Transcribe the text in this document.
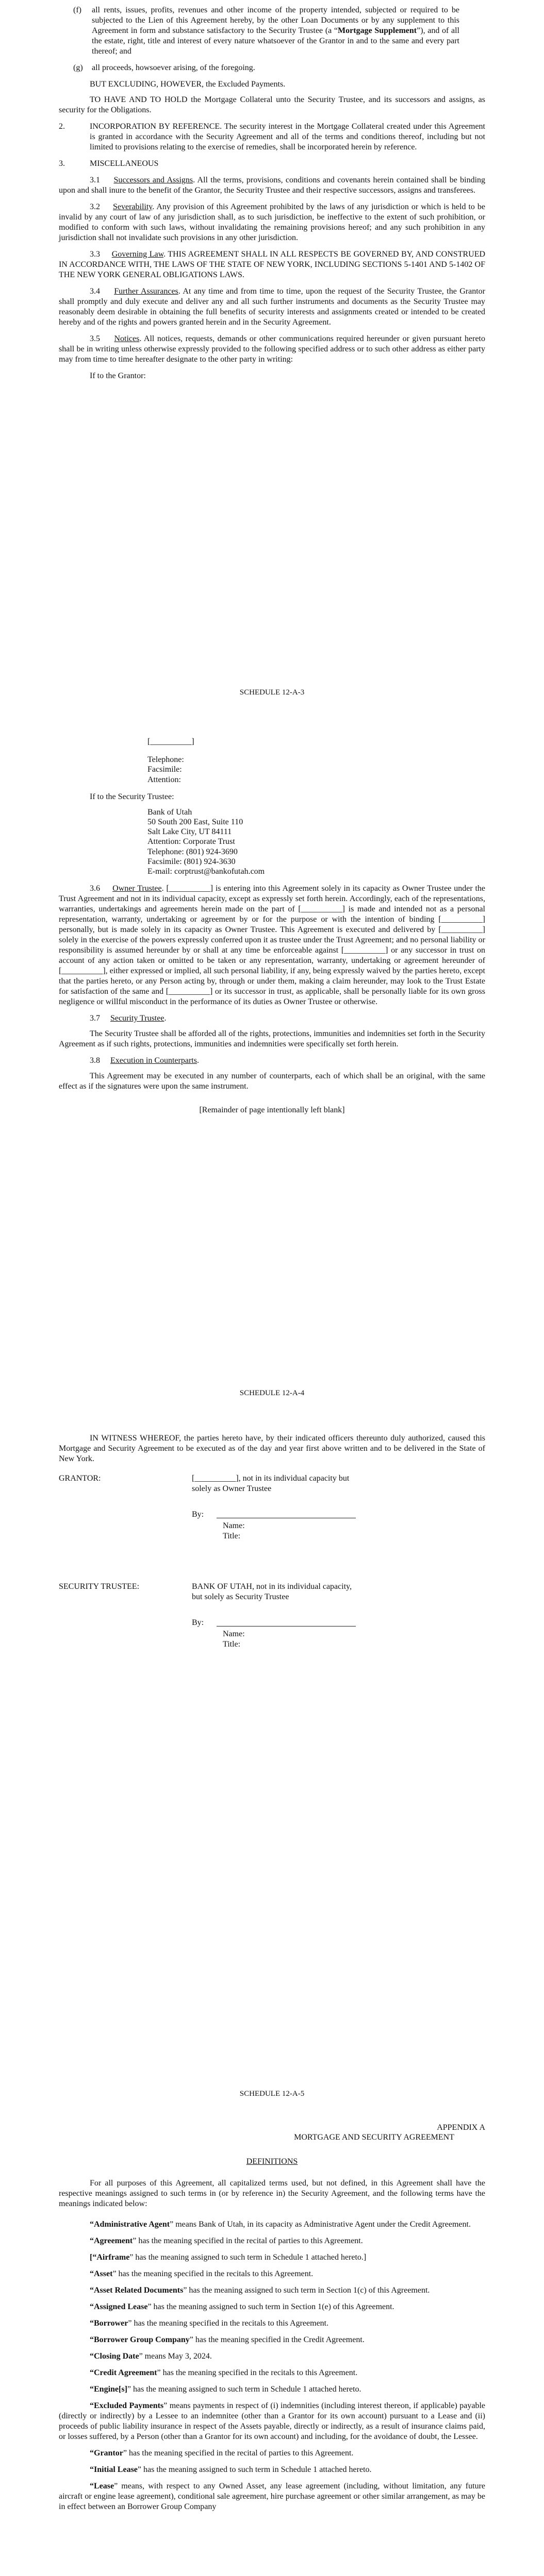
(f)	all rents, issues, profits, revenues and other income of the property intended, subjected or required to be subjected to the Lien of this Agreement hereby, by the other Loan Documents or by any supplement to this Agreement in form and substance satisfactory to the Security Trustee (a “Mortgage Supplement”), and of all the estate, right, title and interest of every nature whatsoever of the Grantor in and to the same and every part thereof; and
(g)	all proceeds, howsoever arising, of the foregoing.

BUT EXCLUDING, HOWEVER, the Excluded Payments.

TO HAVE AND TO HOLD the Mortgage Collateral unto the Security Trustee, and its successors and assigns, as security for the Obligations.

2.	INCORPORATION BY REFERENCE. The security interest in the Mortgage Collateral created under this Agreement is granted in accordance with the Security Agreement and all of the terms and conditions thereof, including but not limited to provisions relating to the exercise of remedies, shall be incorporated herein by reference.
3.	MISCELLANEOUS

3.1 Successors and Assigns. All the terms, provisions, conditions and covenants herein contained shall be binding upon and shall inure to the benefit of the Grantor, the Security Trustee and their respective successors, assigns and transferees.

3.2 Severability. Any provision of this Agreement prohibited by the laws of any jurisdiction or which is held to be invalid by any court of law of any jurisdiction shall, as to such jurisdiction, be ineffective to the extent of such prohibition, or modified to conform with such laws, without invalidating the remaining provisions hereof; and any such prohibition in any jurisdiction shall not invalidate such provisions in any other jurisdiction.

3.3 Governing Law. THIS AGREEMENT SHALL IN ALL RESPECTS BE GOVERNED BY, AND CONSTRUED IN ACCORDANCE WITH, THE LAWS OF THE STATE OF NEW YORK, INCLUDING SECTIONS 5-1401 AND 5-1402 OF THE NEW YORK GENERAL OBLIGATIONS LAWS.

3.4 Further Assurances. At any time and from time to time, upon the request of the Security Trustee, the Grantor shall promptly and duly execute and deliver any and all such further instruments and documents as the Security Trustee may reasonably deem desirable in obtaining the full benefits of security interests and assignments created or intended to be created hereby and of the rights and powers granted herein and in the Security Agreement.

3.5 Notices. All notices, requests, demands or other communications required hereunder or given pursuant hereto shall be in writing unless otherwise expressly provided to the following specified address or to such other address as either party may from time to time hereafter designate to the other party in writing:

If to the Grantor:

SCHEDULE 12-A-3
[__________]
Telephone:
Facsimile:
Attention:

If to the Security Trustee:

Bank of Utah
50 South 200 East, Suite 110
Salt Lake City, UT 84111
Attention: Corporate Trust
Telephone: (801) 924-3690
Facsimile: (801) 924-3630
E-mail: corptrust@bankofutah.com

3.6 Owner Trustee. [__________] is entering into this Agreement solely in its capacity as Owner Trustee under the Trust Agreement and not in its individual capacity, except as expressly set forth herein. Accordingly, each of the representations, warranties, undertakings and agreements herein made on the part of [__________] is made and intended not as a personal representation, warranty, undertaking or agreement by or for the purpose or with the intention of binding [__________] personally, but is made solely in its capacity as Owner Trustee. This Agreement is executed and delivered by [__________] solely in the exercise of the powers expressly conferred upon it as trustee under the Trust Agreement; and no personal liability or responsibility is assumed hereunder by or shall at any time be enforceable against [__________] or any successor in trust on account of any action taken or omitted to be taken or any representation, warranty, undertaking or agreement hereunder of [__________], either expressed or implied, all such personal liability, if any, being expressly waived by the parties hereto, except that the parties hereto, or any Person acting by, through or under them, making a claim hereunder, may look to the Trust Estate for satisfaction of the same and [__________] or its successor in trust, as applicable, shall be personally liable for its own gross negligence or willful misconduct in the performance of its duties as Owner Trustee or otherwise.

3.7 Security Trustee.

The Security Trustee shall be afforded all of the rights, protections, immunities and indemnities set forth in the Security Agreement as if such rights, protections, immunities and indemnities were specifically set forth herein.

3.8 Execution in Counterparts.

This Agreement may be executed in any number of counterparts, each of which shall be an original, with the same effect as if the signatures were upon the same instrument.

[Remainder of page intentionally left blank]

SCHEDULE 12-A-4

IN WITNESS WHEREOF, the parties hereto have, by their indicated officers thereunto duly authorized, caused this Mortgage and Security Agreement to be executed as of the day and year first above written and to be delivered in the State of New York.

GRANTOR:	[__________], not in its individual capacity but solely as Owner Trustee
By:
Name:
Title:
SECURITY TRUSTEE:	BANK OF UTAH, not in its individual capacity, but solely as Security Trustee
By:
Name:
Title:
SCHEDULE 12-A-5
APPENDIX A
MORTGAGE AND SECURITY AGREEMENT

DEFINITIONS

For all purposes of this Agreement, all capitalized terms used, but not defined, in this Agreement shall have the respective meanings assigned to such terms in (or by reference in) the Security Agreement, and the following terms have the meanings indicated below:

“Administrative Agent” means Bank of Utah, in its capacity as Administrative Agent under the Credit Agreement.

“Agreement” has the meaning specified in the recital of parties to this Agreement.

[“Airframe” has the meaning assigned to such term in Schedule 1 attached hereto.]

“Asset” has the meaning specified in the recitals to this Agreement.

“Asset Related Documents” has the meaning assigned to such term in Section 1(c) of this Agreement.

“Assigned Lease” has the meaning assigned to such term in Section 1(e) of this Agreement.

“Borrower” has the meaning specified in the recitals to this Agreement.

“Borrower Group Company” has the meaning specified in the Credit Agreement.

“Closing Date” means May 3, 2024.

“Credit Agreement” has the meaning specified in the recitals to this Agreement.

“Engine[s]” has the meaning assigned to such term in Schedule 1 attached hereto.

“Excluded Payments” means payments in respect of (i) indemnities (including interest thereon, if applicable) payable (directly or indirectly) by a Lessee to an indemnitee (other than a Grantor for its own account) pursuant to a Lease and (ii) proceeds of public liability insurance in respect of the Assets payable, directly or indirectly, as a result of insurance claims paid, or losses suffered, by a Person (other than a Grantor for its own account) and including, for the avoidance of doubt, the Lessee.

“Grantor” has the meaning specified in the recital of parties to this Agreement.

“Initial Lease” has the meaning assigned to such term in Schedule 1 attached hereto.

“Lease” means, with respect to any Owned Asset, any lease agreement (including, without limitation, any future aircraft or engine lease agreement), conditional sale agreement, hire purchase agreement or other similar arrangement, as may be in effect between an Borrower Group Company
